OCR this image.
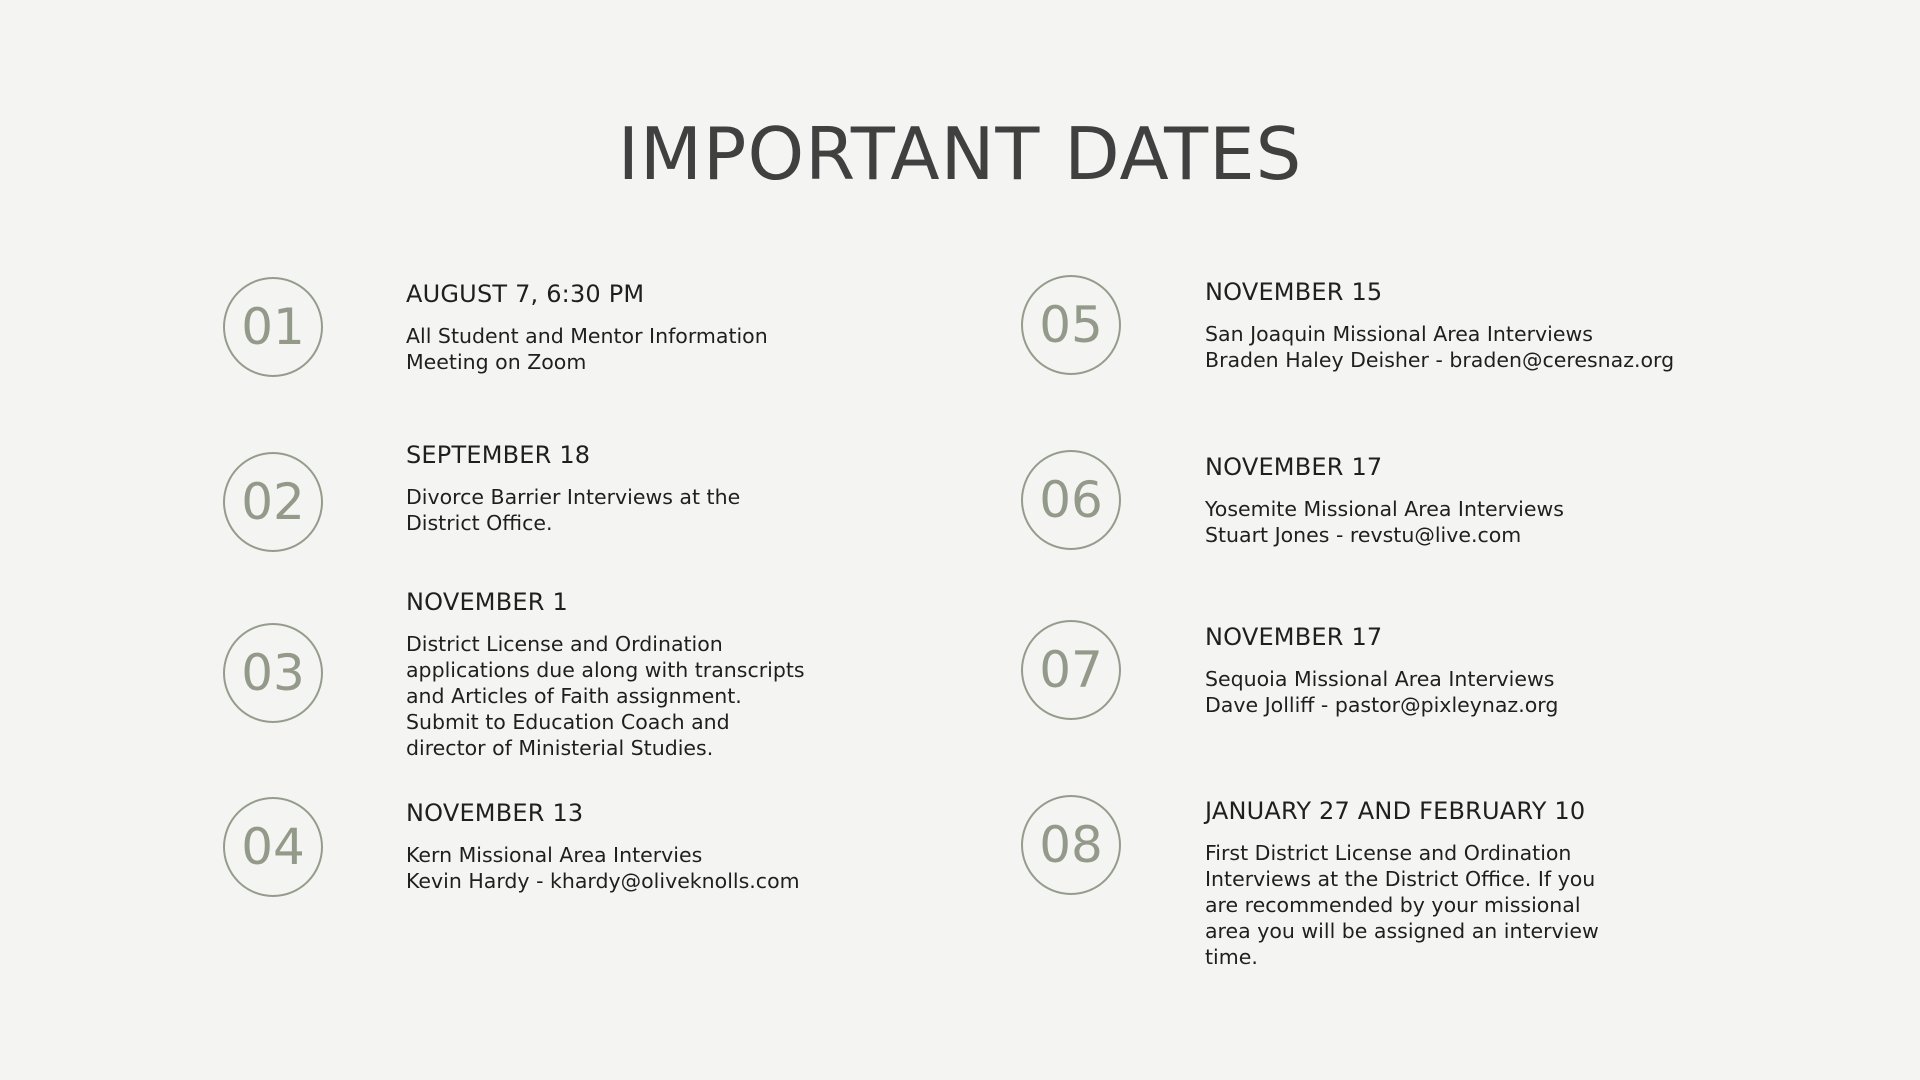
IMPORTANT DATES
01

AUGUST 7, 6:30 PM

All Student and Mentor Information
Meeting on Zoom

02

SEPTEMBER 18

Divorce Barrier Interviews at the
District Office.

03

NOVEMBER 1

District License and Ordination
applications due along with transcripts
and Articles of Faith assignment.
Submit to Education Coach and
director of Ministerial Studies.

04

NOVEMBER 13

Kern Missional Area Intervies
Kevin Hardy - khardy@oliveknolls.com

05

NOVEMBER 15

San Joaquin Missional Area Interviews
Braden Haley Deisher - braden@ceresnaz.org

06

NOVEMBER 17

Yosemite Missional Area Interviews
Stuart Jones - revstu@live.com

07

NOVEMBER 17

Sequoia Missional Area Interviews
Dave Jolliff - pastor@pixleynaz.org

08

JANUARY 27 AND FEBRUARY 10

First District License and Ordination
Interviews at the District Office. If you
are recommended by your missional
area you will be assigned an interview
time.
